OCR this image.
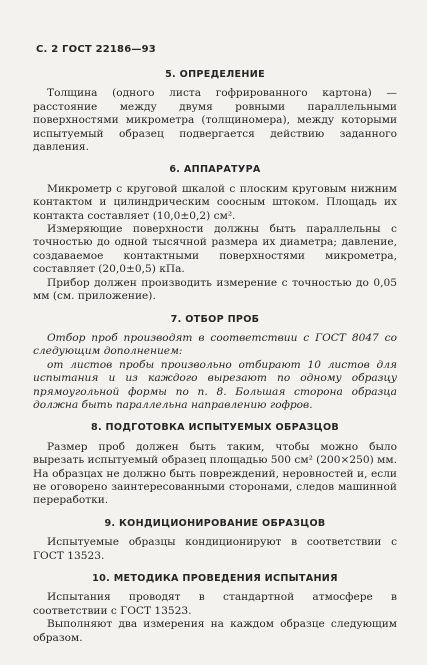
С. 2 ГОСТ 22186—93
5. ОПРЕДЕЛЕНИЕ

Толщина (одного листа гофрированного картона) — расстояние между двумя ровными параллельными поверхностями микрометра (толщиномера), между которыми испытуемый образец подвергается действию заданного давления.

6. АППАРАТУРА

Микрометр с круговой шкалой с плоским круговым нижним контактом и цилиндрическим соосным штоком. Площадь их контакта составляет (10,0±0,2) см².

Измеряющие поверхности должны быть параллельны с точностью до одной тысячной размера их диаметра; давление, создаваемое контактными поверхностями микрометра, составляет (20,0±0,5) кПа.

Прибор должен производить измерение с точностью до 0,05 мм (см. приложение).

7. ОТБОР ПРОБ

Отбор проб производят в соответствии с ГОСТ 8047 со следующим дополнением:

от листов пробы произвольно отбирают 10 листов для испытания и из каждого вырезают по одному образцу прямоугольной формы по п. 8. Большая сторона образца должна быть параллельна направлению гофров.

8. ПОДГОТОВКА ИСПЫТУЕМЫХ ОБРАЗЦОВ

Размер проб должен быть таким, чтобы можно было вырезать испытуемый образец площадью 500 см² (200×250) мм. На образцах не должно быть повреждений, неровностей и, если не оговорено заинтересованными сторонами, следов машинной переработки.

9. КОНДИЦИОНИРОВАНИЕ ОБРАЗЦОВ

Испытуемые образцы кондиционируют в соответствии с ГОСТ 13523.

10. МЕТОДИКА ПРОВЕДЕНИЯ ИСПЫТАНИЯ

Испытания проводят в стандартной атмосфере в соответствии с ГОСТ 13523.

Выполняют два измерения на каждом образце следующим образом.
